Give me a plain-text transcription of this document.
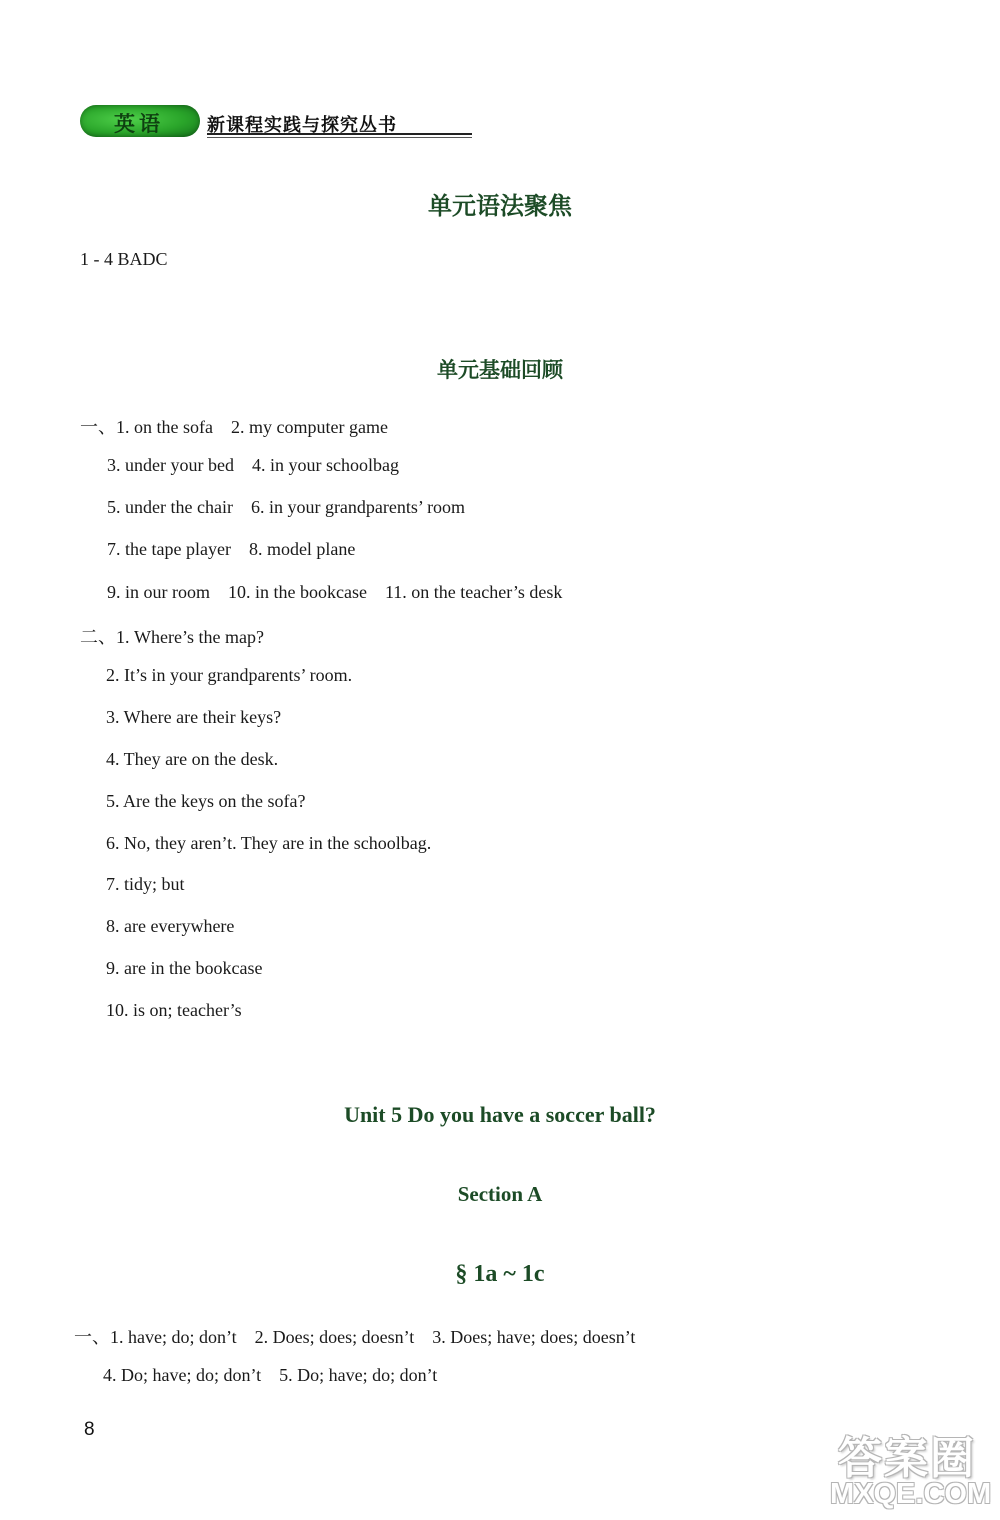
英语 新课程实践与探究丛书
单元语法聚焦
1 - 4 BADC
单元基础回顾
一、1. on the sofa    2. my computer game
3. under your bed    4. in your schoolbag
5. under the chair    6. in your grandparents’ room
7. the tape player    8. model plane
9. in our room    10. in the bookcase    11. on the teacher’s desk
二、1. Where’s the map?
2. It’s in your grandparents’ room.
3. Where are their keys?
4. They are on the desk.
5. Are the keys on the sofa?
6. No, they aren’t. They are in the schoolbag.
7. tidy; but
8. are everywhere
9. are in the bookcase
10. is on; teacher’s
Unit 5 Do you have a soccer ball?
Section A
§ 1a ~ 1c
一、1. have; do; don’t    2. Does; does; doesn’t    3. Does; have; does; doesn’t
4. Do; have; do; don’t    5. Do; have; do; don’t
8
答案圈
MXQE.COM
